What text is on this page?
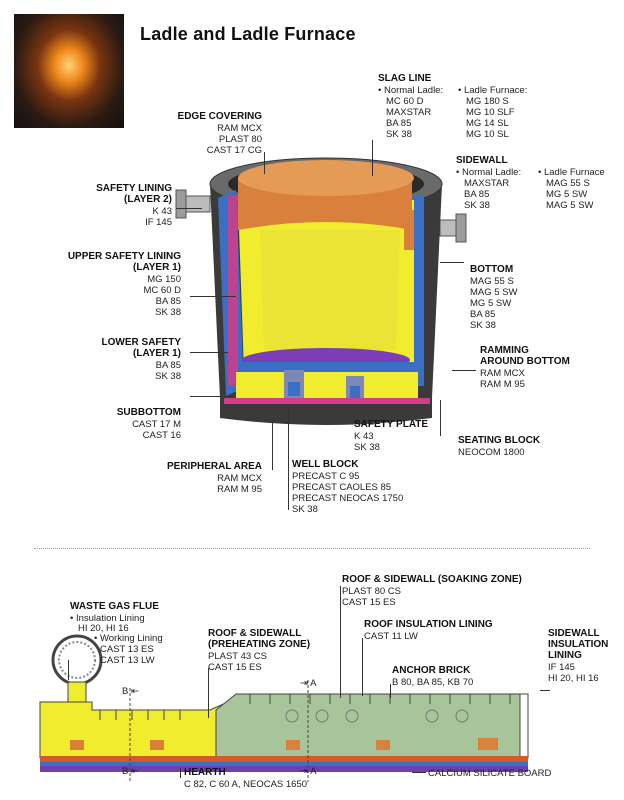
Ladle and Ladle Furnace
EDGE COVERING
RAM MCX
PLAST 80
CAST 17 CG
SLAG LINE
• Normal Ladle:
MC 60 D
MAXSTAR
BA 85
SK 38
• Ladle Furnace:
MG 180 S
MG 10 SLF
MG 14 SL
MG 10 SL
SAFETY LINING
(LAYER 2)
K 43
IF 145
SIDEWALL
• Normal Ladle:
MAXSTAR
BA 85
SK 38
• Ladle Furnace
MAG 55 S
MG 5 SW
MAG 5 SW
UPPER SAFETY LINING
(LAYER 1)
MG 150
MC 60 D
BA 85
SK 38
BOTTOM
MAG 55 S
MAG 5 SW
MG 5 SW
BA 85
SK 38
LOWER SAFETY
(LAYER 1)
BA 85
SK 38
RAMMING
AROUND BOTTOM
RAM MCX
RAM M 95
SUBBOTTOM
CAST 17 M
CAST 16
SAFETY PLATE
K 43
SK 38
SEATING BLOCK
NEOCOM 1800
PERIPHERAL AREA
RAM MCX
RAM M 95
WELL BLOCK
PRECAST C 95
PRECAST CAOLES 85
PRECAST NEOCAS 1750
SK 38
B ⇤
B ⇤
⇥ A
⇥ A
WASTE GAS FLUE
• Insulation Lining
HI 20, HI 16
• Working Lining
CAST 13 ES
CAST 13 LW
ROOF & SIDEWALL
(PREHEATING ZONE)
PLAST 43 CS
CAST 15 ES
ROOF & SIDEWALL (SOAKING ZONE)
PLAST 80 CS
CAST 15 ES
ROOF INSULATION LINING
CAST 11 LW
ANCHOR BRICK
B 80, BA 85, KB 70
SIDEWALL
INSULATION
LINING
IF 145
HI 20, HI 16
HEARTH
C 82, C 60 A, NEOCAS 1650
CALCIUM SILICATE BOARD
